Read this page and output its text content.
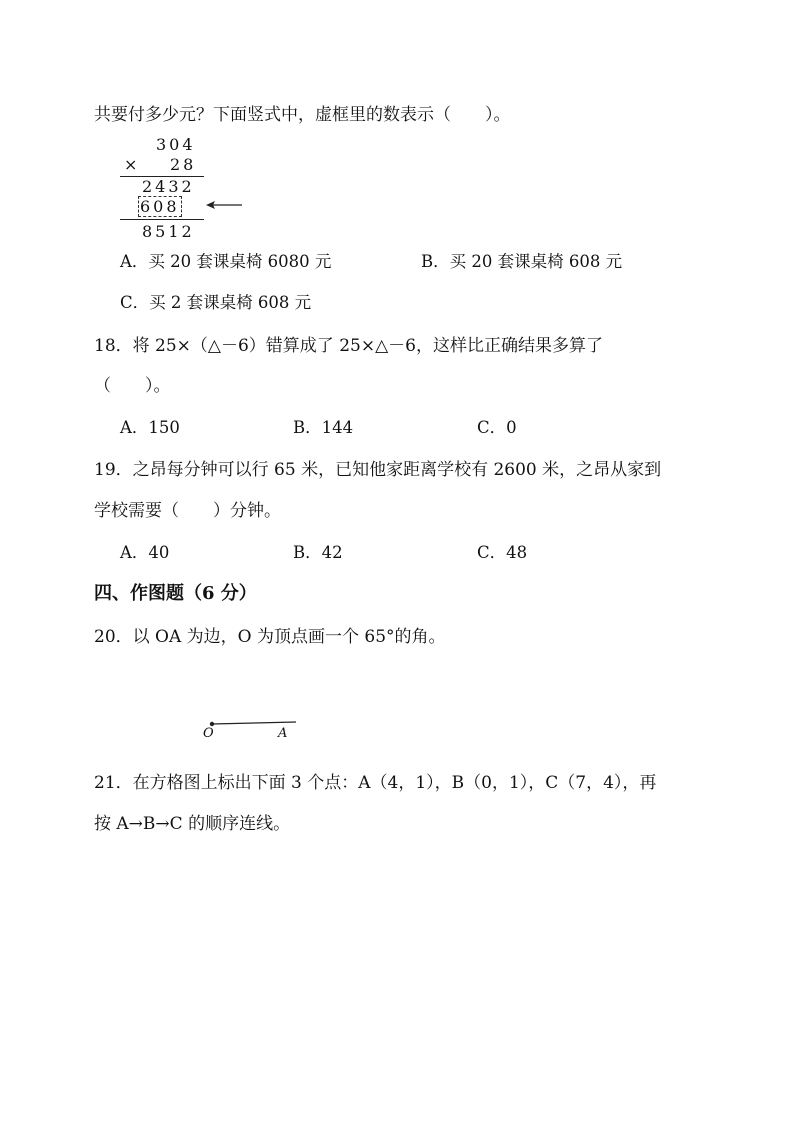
共要付多少元？下面竖式中，虚框里的数表示（　　）。
304
× 28
2432
608
8512
A．买 20 套课桌椅 6080 元	B．买 20 套课桌椅 608 元
C．买 2 套课桌椅 608 元
18．将 25×（△－6）错算成了 25×△－6，这样比正确结果多算了
（　　）。
A．150	B．144	C．0
19．之昂每分钟可以行 65 米，已知他家距离学校有 2600 米，之昂从家到
学校需要（　　）分钟。
A．40	B．42	C．48
四、作图题（6 分）
20．以 OA 为边，O 为顶点画一个 65°的角。
O	A
21．在方格图上标出下面 3 个点：A（4，1），B（0，1），C（7，4），再
按 A→B→C 的顺序连线。
